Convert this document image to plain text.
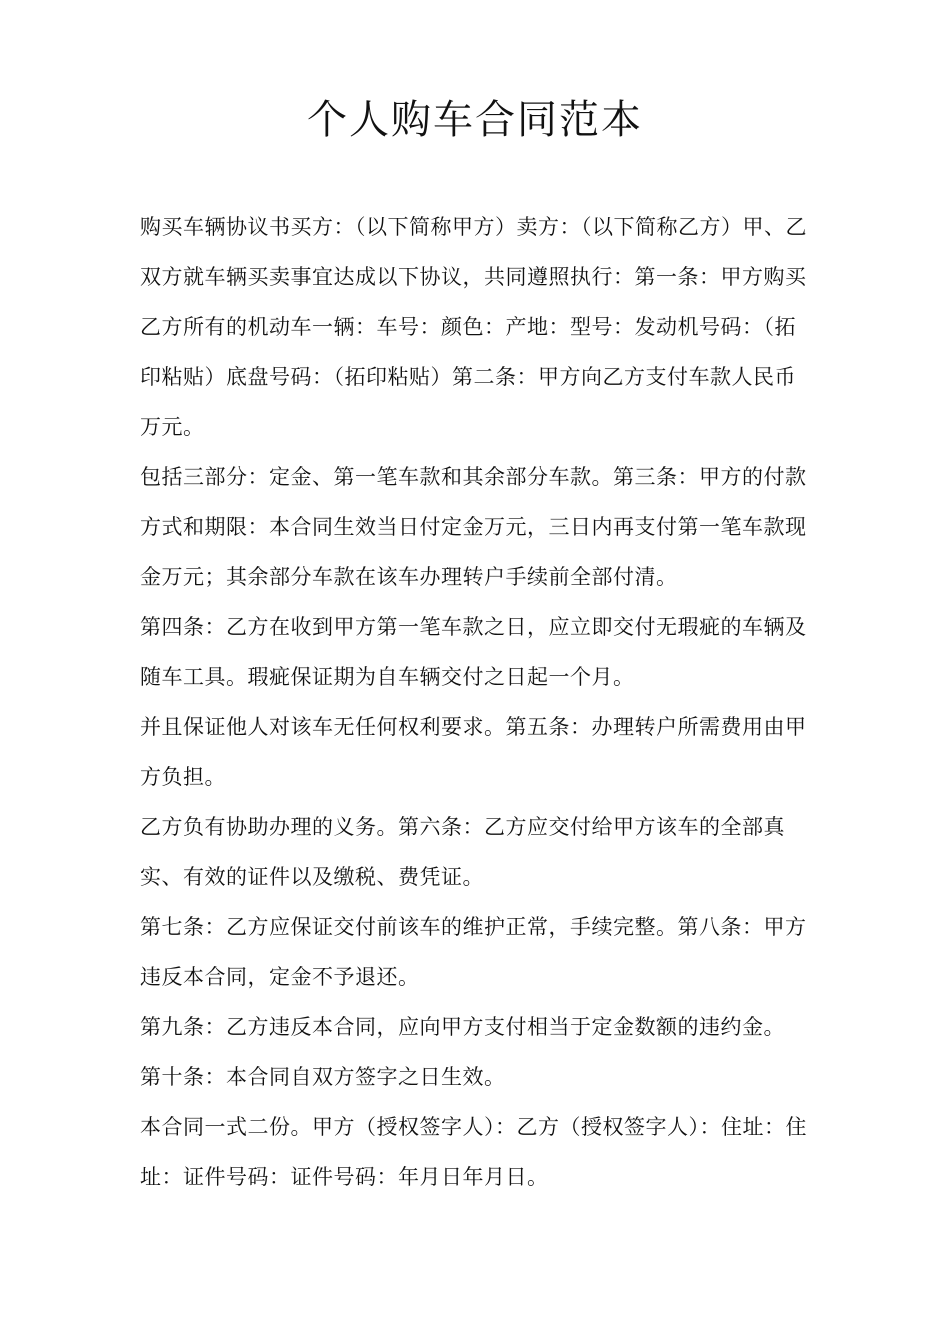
个人购车合同范本

购买车辆协议书买方：（以下简称甲方）卖方：（以下简称乙方）甲、乙双方就车辆买卖事宜达成以下协议，共同遵照执行：第一条：甲方购买乙方所有的机动车一辆：车号：颜色：产地：型号：发动机号码：（拓印粘贴）底盘号码：（拓印粘贴）第二条：甲方向乙方支付车款人民币万元。

包括三部分：定金、第一笔车款和其余部分车款。第三条：甲方的付款方式和期限：本合同生效当日付定金万元，三日内再支付第一笔车款现金万元；其余部分车款在该车办理转户手续前全部付清。

第四条：乙方在收到甲方第一笔车款之日，应立即交付无瑕疵的车辆及随车工具。瑕疵保证期为自车辆交付之日起一个月。

并且保证他人对该车无任何权利要求。第五条：办理转户所需费用由甲方负担。

乙方负有协助办理的义务。第六条：乙方应交付给甲方该车的全部真实、有效的证件以及缴税、费凭证。

第七条：乙方应保证交付前该车的维护正常，手续完整。第八条：甲方违反本合同，定金不予退还。

第九条：乙方违反本合同，应向甲方支付相当于定金数额的违约金。

第十条：本合同自双方签字之日生效。

本合同一式二份。甲方（授权签字人）：乙方（授权签字人）：住址：住址：证件号码：证件号码：年月日年月日。
